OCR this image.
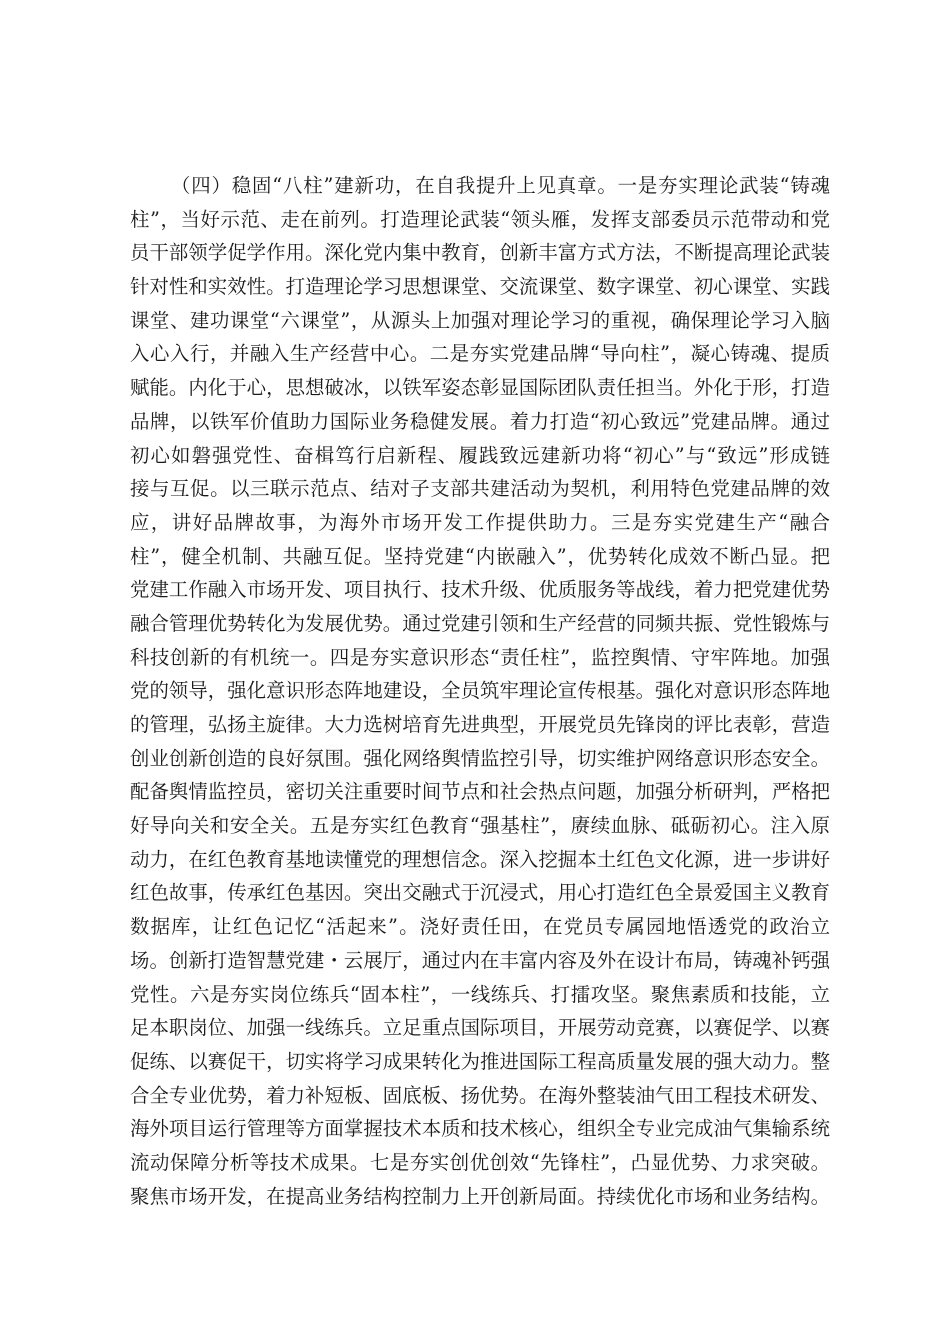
（四）稳固“八柱”建新功，在自我提升上见真章。一是夯实理论武装“铸魂
柱”，当好示范、走在前列。打造理论武装“领头雁，发挥支部委员示范带动和党
员干部领学促学作用。深化党内集中教育，创新丰富方式方法，不断提高理论武装
针对性和实效性。打造理论学习思想课堂、交流课堂、数字课堂、初心课堂、实践
课堂、建功课堂“六课堂”，从源头上加强对理论学习的重视，确保理论学习入脑
入心入行，并融入生产经营中心。二是夯实党建品牌“导向柱”，凝心铸魂、提质
赋能。内化于心，思想破冰，以铁军姿态彰显国际团队责任担当。外化于形，打造
品牌，以铁军价值助力国际业务稳健发展。着力打造“初心致远”党建品牌。通过
初心如磐强党性、奋楫笃行启新程、履践致远建新功将“初心”与“致远”形成链
接与互促。以三联示范点、结对子支部共建活动为契机，利用特色党建品牌的效
应，讲好品牌故事，为海外市场开发工作提供助力。三是夯实党建生产“融合
柱”，健全机制、共融互促。坚持党建“内嵌融入”，优势转化成效不断凸显。把
党建工作融入市场开发、项目执行、技术升级、优质服务等战线，着力把党建优势
融合管理优势转化为发展优势。通过党建引领和生产经营的同频共振、党性锻炼与
科技创新的有机统一。四是夯实意识形态“责任柱”，监控舆情、守牢阵地。加强
党的领导，强化意识形态阵地建设，全员筑牢理论宣传根基。强化对意识形态阵地
的管理，弘扬主旋律。大力选树培育先进典型，开展党员先锋岗的评比表彰，营造
创业创新创造的良好氛围。强化网络舆情监控引导，切实维护网络意识形态安全。
配备舆情监控员，密切关注重要时间节点和社会热点问题，加强分析研判，严格把
好导向关和安全关。五是夯实红色教育“强基柱”，赓续血脉、砥砺初心。注入原
动力，在红色教育基地读懂党的理想信念。深入挖掘本土红色文化源，进一步讲好
红色故事，传承红色基因。突出交融式于沉浸式，用心打造红色全景爱国主义教育
数据库，让红色记忆“活起来”。浇好责任田，在党员专属园地悟透党的政治立
场。创新打造智慧党建・云展厅，通过内在丰富内容及外在设计布局，铸魂补钙强
党性。六是夯实岗位练兵“固本柱”，一线练兵、打擂攻坚。聚焦素质和技能，立
足本职岗位、加强一线练兵。立足重点国际项目，开展劳动竞赛，以赛促学、以赛
促练、以赛促干，切实将学习成果转化为推进国际工程高质量发展的强大动力。整
合全专业优势，着力补短板、固底板、扬优势。在海外整装油气田工程技术研发、
海外项目运行管理等方面掌握技术本质和技术核心，组织全专业完成油气集输系统
流动保障分析等技术成果。七是夯实创优创效“先锋柱”，凸显优势、力求突破。
聚焦市场开发，在提高业务结构控制力上开创新局面。持续优化市场和业务结构。
